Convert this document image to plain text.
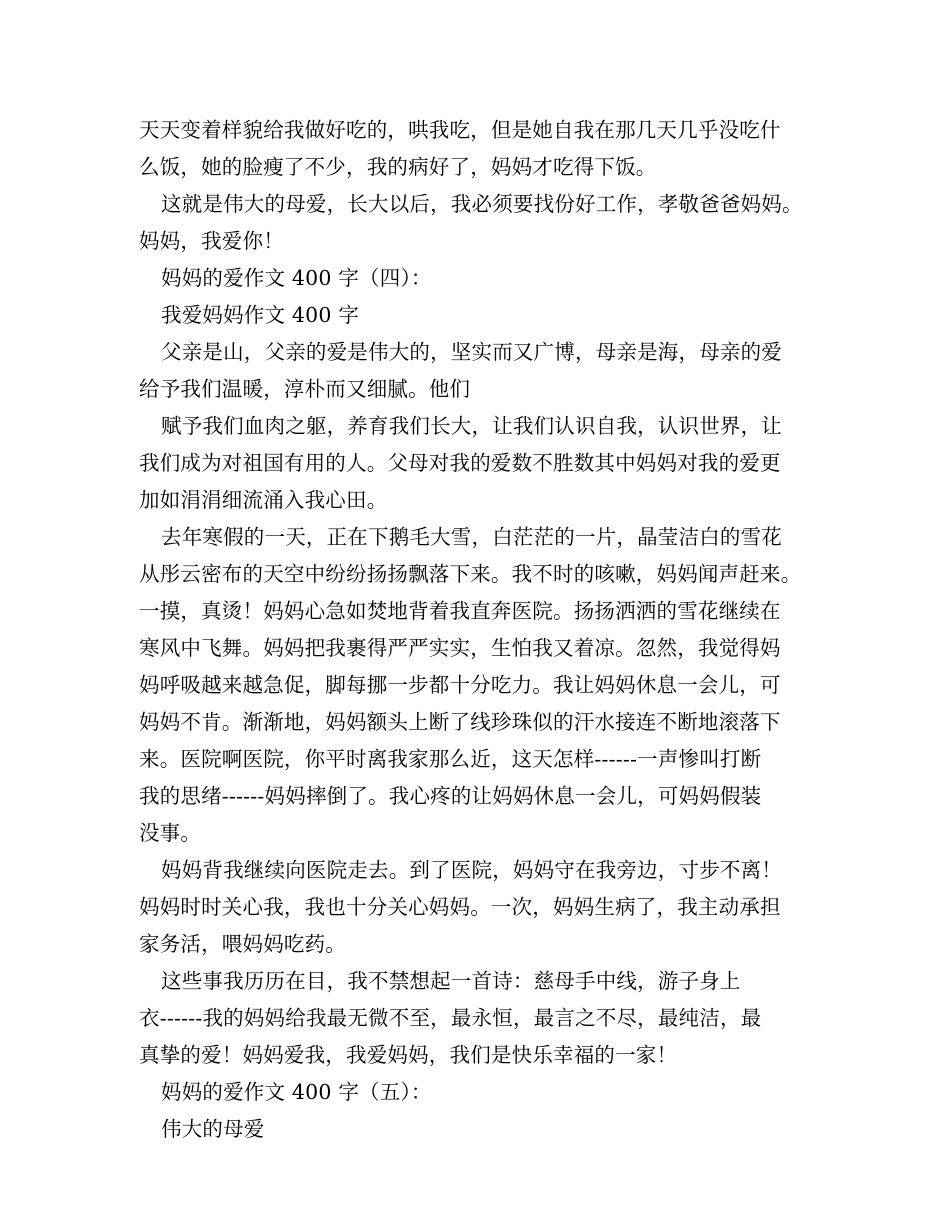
天天变着样貌给我做好吃的，哄我吃，但是她自我在那几天几乎没吃什
么饭，她的脸瘦了不少，我的病好了，妈妈才吃得下饭。
这就是伟大的母爱，长大以后，我必须要找份好工作，孝敬爸爸妈妈。
妈妈，我爱你！
妈妈的爱作文 400 字（四）：
我爱妈妈作文 400 字
父亲是山，父亲的爱是伟大的，坚实而又广博，母亲是海，母亲的爱
给予我们温暖，淳朴而又细腻。他们
赋予我们血肉之躯，养育我们长大，让我们认识自我，认识世界，让
我们成为对祖国有用的人。父母对我的爱数不胜数其中妈妈对我的爱更
加如涓涓细流涌入我心田。
去年寒假的一天，正在下鹅毛大雪，白茫茫的一片，晶莹洁白的雪花
从彤云密布的天空中纷纷扬扬飘落下来。我不时的咳嗽，妈妈闻声赶来。
一摸，真烫！妈妈心急如焚地背着我直奔医院。扬扬洒洒的雪花继续在
寒风中飞舞。妈妈把我裹得严严实实，生怕我又着凉。忽然，我觉得妈
妈呼吸越来越急促，脚每挪一步都十分吃力。我让妈妈休息一会儿，可
妈妈不肯。渐渐地，妈妈额头上断了线珍珠似的汗水接连不断地滚落下
来。医院啊医院，你平时离我家那么近，这天怎样------一声惨叫打断
我的思绪------妈妈摔倒了。我心疼的让妈妈休息一会儿，可妈妈假装
没事。
妈妈背我继续向医院走去。到了医院，妈妈守在我旁边，寸步不离！
妈妈时时关心我，我也十分关心妈妈。一次，妈妈生病了，我主动承担
家务活，喂妈妈吃药。
这些事我历历在目，我不禁想起一首诗：慈母手中线，游子身上
衣------我的妈妈给我最无微不至，最永恒，最言之不尽，最纯洁，最
真挚的爱！妈妈爱我，我爱妈妈，我们是快乐幸福的一家！
妈妈的爱作文 400 字（五）：
伟大的母爱
